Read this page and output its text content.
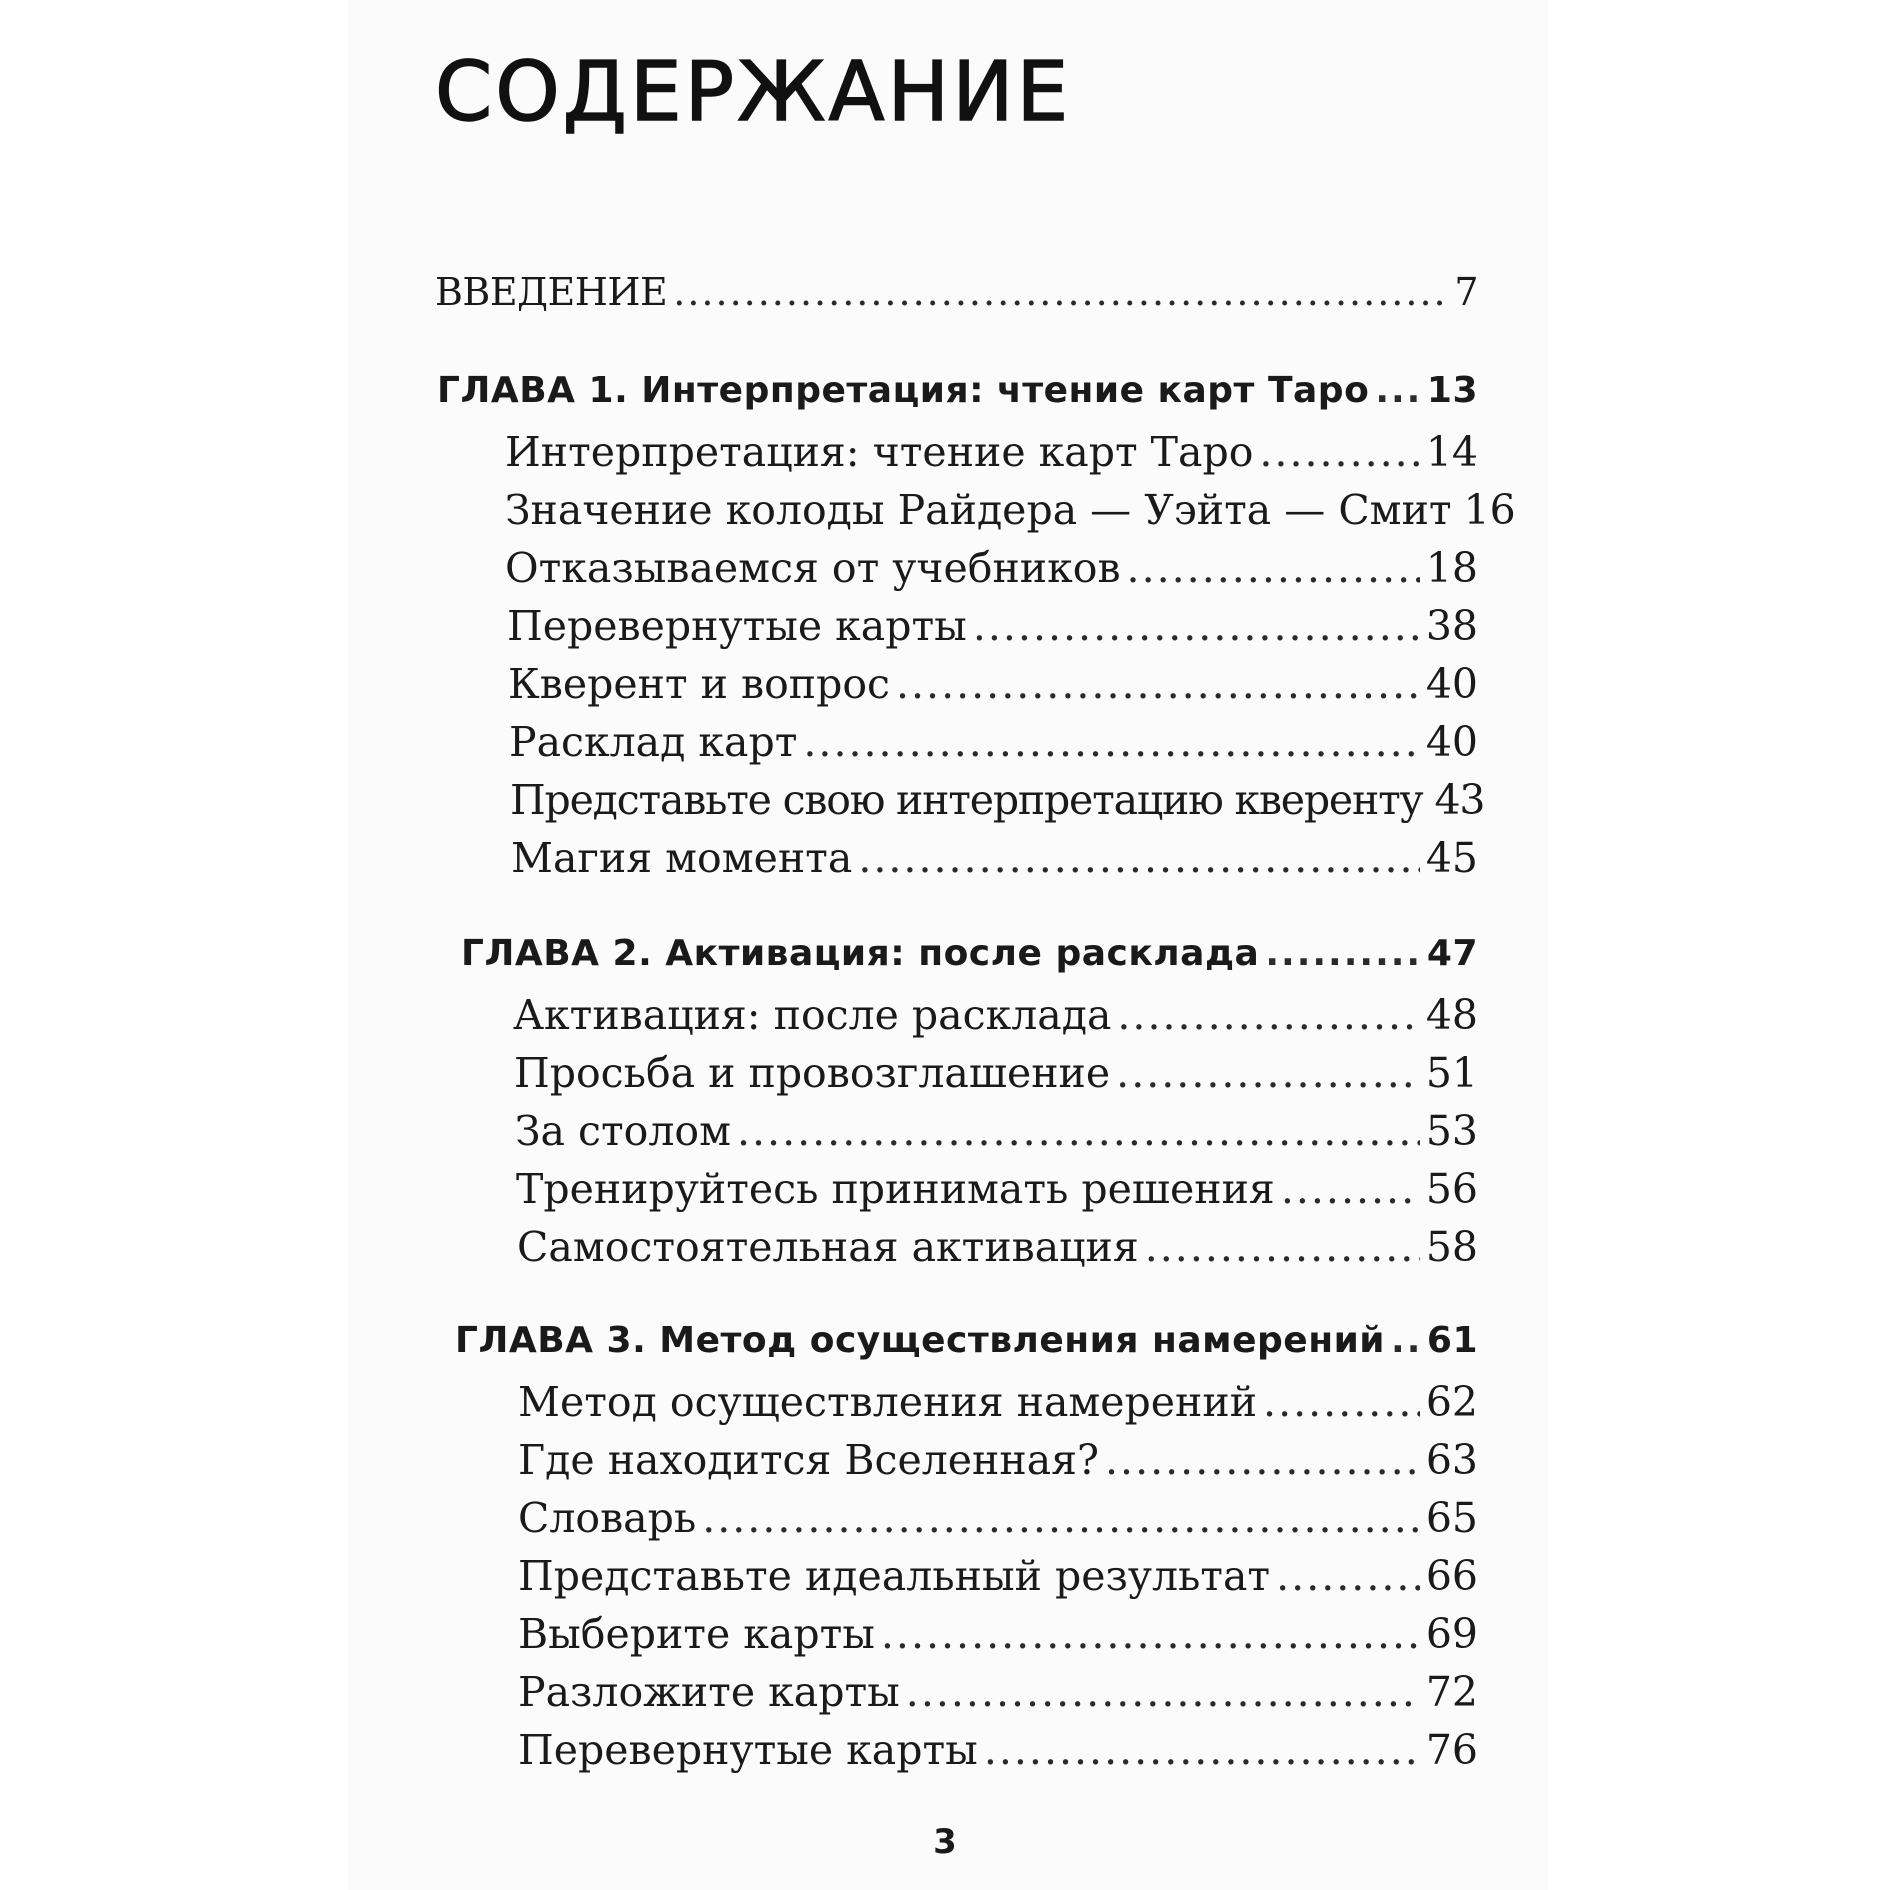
СОДЕРЖАНИЕ
ВВЕДЕНИЕ .....	7
ГЛАВА 1. Интерпретация: чтение карт Таро ..... 13
Интерпретация: чтение карт Таро .....	14
Значение колоды Райдера — Уэйта — Смит 16
Отказываемся от учебников .....	18
Перевернутые карты .....	38
Кверент и вопрос .....	40
Расклад карт .....	40
Представьте свою интерпретацию кверенту 43
Магия момента .....	45
ГЛАВА 2. Активация: после расклада .....	47
Активация: после расклада .....	48
Просьба и провозглашение .....	51
За столом .....	53
Тренируйтесь принимать решения .....	56
Самостоятельная активация .....	58
ГЛАВА 3. Метод осуществления намерений ..... 61
Метод осуществления намерений .....	62
Где находится Вселенная? .....	63
Словарь .....	65
Представьте идеальный результат .....	66
Выберите карты .....	69
Разложите карты .....	72
Перевернутые карты .....	76
3
